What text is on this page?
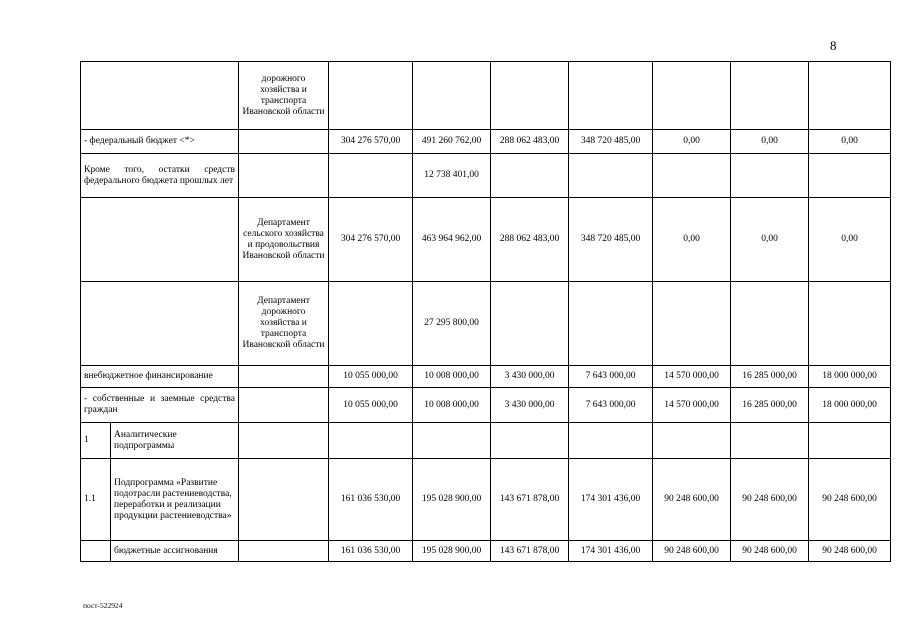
8
		дорожного хозяйства и транспорта Ивановской области							
- федеральный бюджет <*>			304 276 570,00	491 260 762,00	288 062 483,00	348 720 485,00	0,00	0,00	0,00
Кроме того, остатки средств федерального бюджета прошлых лет				12 738 401,00					
		Департамент сельского хозяйства и продовольствия Ивановской области	304 276 570,00	463 964 962,00	288 062 483,00	348 720 485,00	0,00	0,00	0,00
		Департамент дорожного хозяйства и транспорта Ивановской области		27 295 800,00					
внебюджетное финансирование			10 055 000,00	10 008 000,00	3 430 000,00	7 643 000,00	14 570 000,00	16 285 000,00	18 000 000,00
- собственные и заемные средства граждан			10 055 000,00	10 008 000,00	3 430 000,00	7 643 000,00	14 570 000,00	16 285 000,00	18 000 000,00
1	Аналитические подпрограммы								
1.1	Подпрограмма «Развитие подотрасли растениеводства, переработки и реализации продукции растениеводства»		161 036 530,00	195 028 900,00	143 671 878,00	174 301 436,00	90 248 600,00	90 248 600,00	90 248 600,00
	бюджетные ассигнования		161 036 530,00	195 028 900,00	143 671 878,00	174 301 436,00	90 248 600,00	90 248 600,00	90 248 600,00
пост-522924
